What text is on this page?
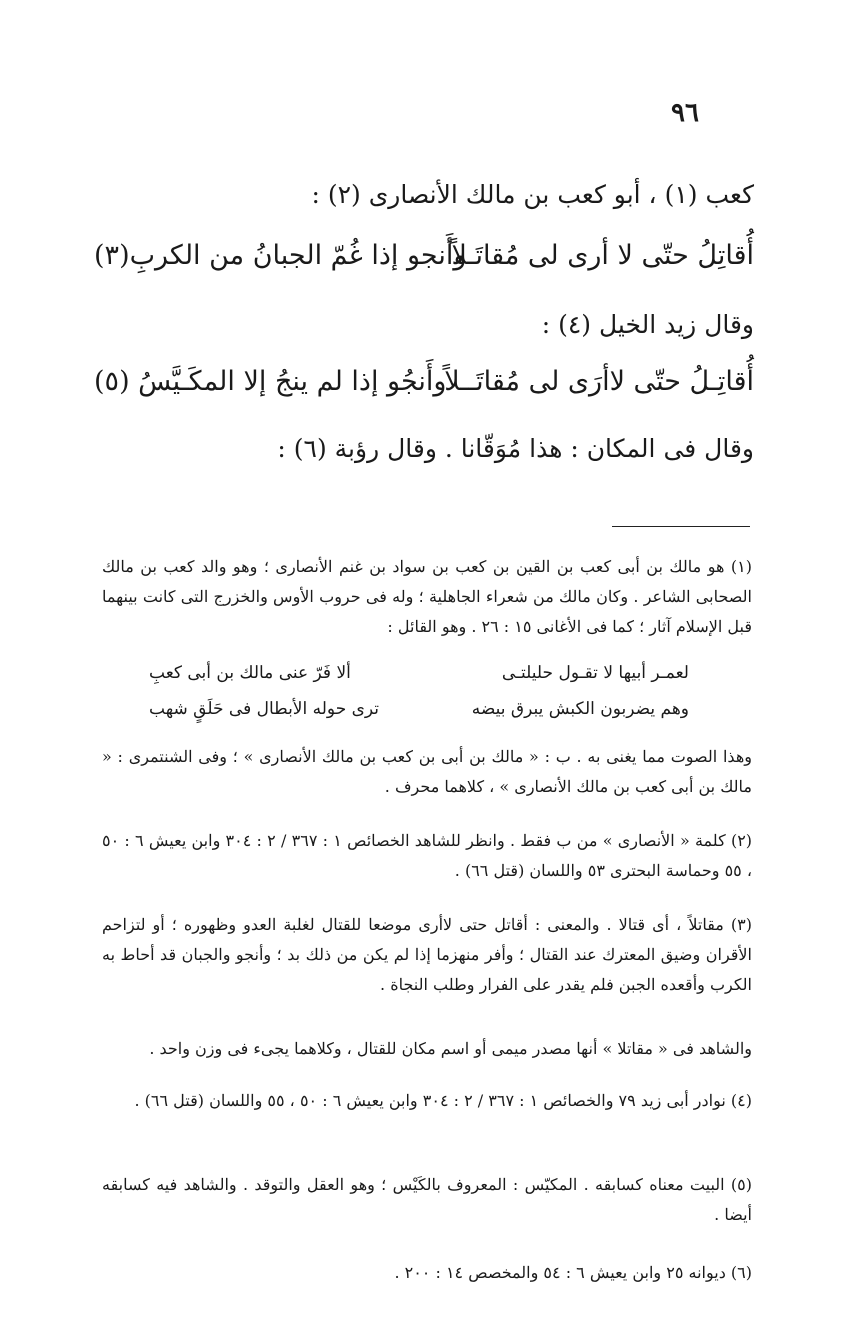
٩٦
كعب (١) ، أبو كعب بن مالك الأنصارى (٢) :
أُقاتِلُ حتّى لا أرى لى مُقاتَـلاً
وأَنجو إذا غُمّ الجبانُ من الكربِ(٣)
وقال زيد الخيل (٤) :
أُقاتِـلُ حتّى لاأرَى لى مُقاتَــلاً
وأَنجُو إذا لم ينجُ إلا المكَـيَّسُ (٥)
وقال فى المكان : هذا مُوَقّانا . وقال رؤبة (٦) :
(١) هو مالك بن أبى كعب بن القين بن كعب بن سواد بن غنم الأنصارى ؛ وهو والد كعب بن مالك الصحابى الشاعر . وكان مالك من شعراء الجاهلية ؛ وله فى حروب الأوس والخزرج التى كانت بينهما قبل الإسلام آثار ؛ كما فى الأغانى ١٥ : ٢٦ . وهو القائل :
لعمـر أبيها لا تقـول حليلتـى
ألا فَرّ عنى مالك بن أبى كعبِ
وهم يضربون الكبش يبرق بيضه
ترى حوله الأبطال فى حَلَقٍ شهب
وهذا الصوت مما يغنى به . ب : « مالك بن أبى بن كعب بن مالك الأنصارى » ؛ وفى الشنتمرى : « مالك بن أبى كعب بن مالك الأنصارى » ، كلاهما محرف .
(٢) كلمة « الأنصارى » من ب فقط . وانظر للشاهد الخصائص ١ : ٣٦٧ / ٢ : ٣٠٤ وابن يعيش ٦ : ٥٠ ، ٥٥ وحماسة البحترى ٥٣ واللسان (قتل ٦٦) .
(٣) مقاتلاً ، أى قتالا . والمعنى : أقاتل حتى لاأرى موضعا للقتال لغلبة العدو وظهوره ؛ أو لتزاحم الأقران وضيق المعترك عند القتال ؛ وأفر منهزما إذا لم يكن من ذلك بد ؛ وأنجو والجبان قد أحاط به الكرب وأقعده الجبن فلم يقدر على الفرار وطلب النجاة .
والشاهد فى « مقاتلا » أنها مصدر ميمى أو اسم مكان للقتال ، وكلاهما يجىء فى وزن واحد .
(٤) نوادر أبى زيد ٧٩ والخصائص ١ : ٣٦٧ / ٢ : ٣٠٤ وابن يعيش ٦ : ٥٠ ، ٥٥ واللسان (قتل ٦٦) .
(٥) البيت معناه كسابقه . المكيّس : المعروف بالكَيْس ؛ وهو العقل والتوقد . والشاهد فيه كسابقه أيضا .
(٦) ديوانه ٢٥ وابن يعيش ٦ : ٥٤ والمخصص ١٤ : ٢٠٠ .
